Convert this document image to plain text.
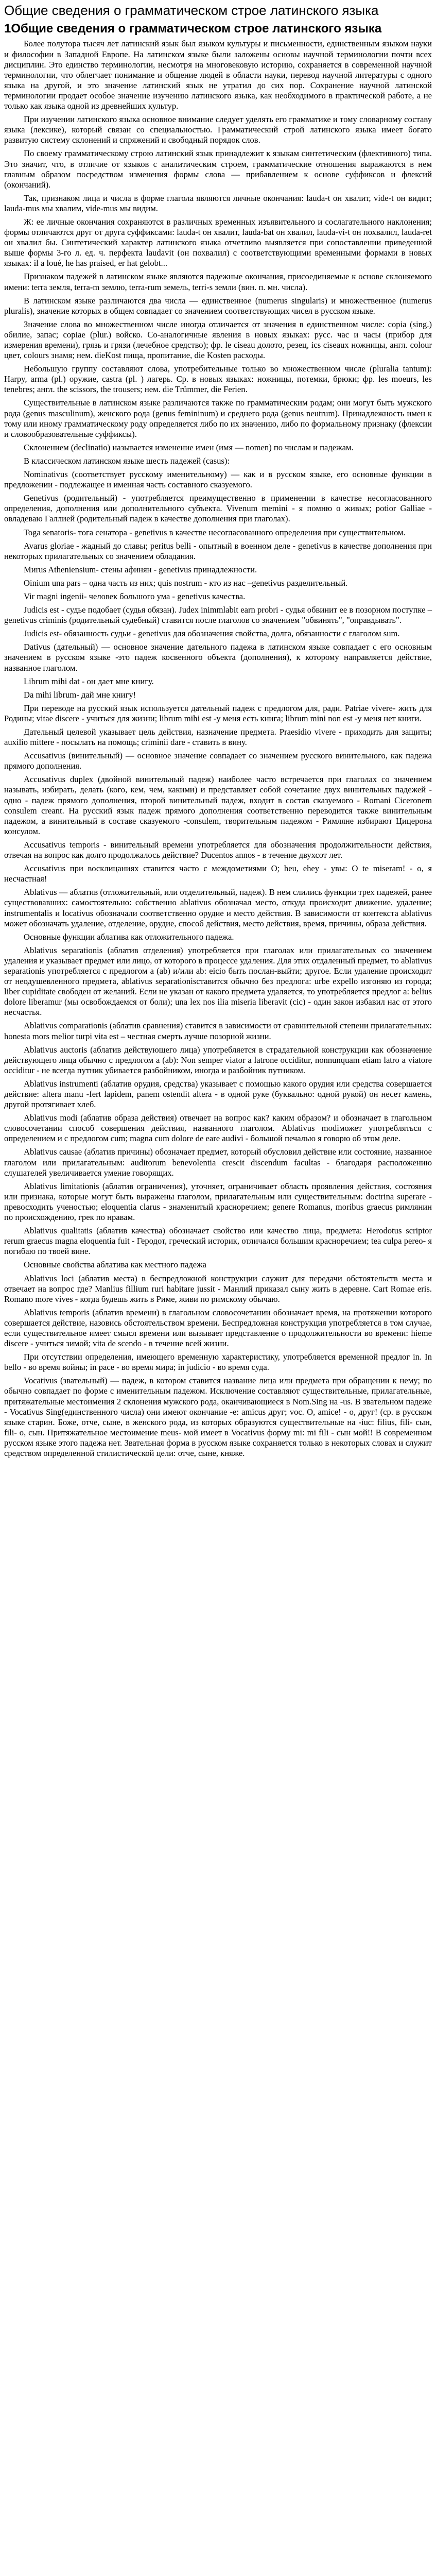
Общие сведения о грамматическом строе латинского языка
1Общие сведения о грамматическом строе латинского языка

Более полутора тысяч лет латинский язык был языком культуры и письменности, единственным языком науки и философии в Западной Европе. На латинском языке были заложены основы научной терминологии почти всех дисциплин. Это единство терминологии, несмотря на многовековую историю, сохраняется в современной научной терминологии, что облегчает понимание и общение людей в области науки, перевод научной литературы с одного языка на другой, и это значение латинский язык не утратил до сих пор. Сохранение научной латинской терминологии продает особое значение изучению латинского языка, как необходимого в практической работе, а не только как языка одной из древнейших культур.

При изучении латинского языка основное внимание следует уделять его грамматике и тому словарному составу языка (лексике), который связан со специальностью. Грамматический строй латинского языка имеет богато развитую систему склонений и спряжений и свободный порядок слов.

По своему грамматическому строю латинский язык принадлежит к языкам синтетическим (флективного) типа. Это значит, что, в отличие от языков с аналитическим строем, грамматические отношения выражаются в нем главным образом посредством изменения формы слова — прибавлением к основе суффиксов и флексий (окончаний).

Так, признаком лица и числа в форме глагола являются личные окончания: lauda-t он хвалит, vide-t он видит; lauda-mus мы хвалим, vide-mus мы видим.

Ж: ее личные окончания сохраняются в различных временных изъявительного и сослагательного наклонения; формы отличаются друг от друга суффиксами: lauda-t он хвалит, lauda-bat он хвалил, lauda-vi-t он похвалил, lauda-ret он хвалил бы. Синтетический характер латинского языка отчетливо выявляется при сопоставлении приведенной выше формы 3-го л. ед. ч. перфекта laudavit (он похвалил) с соответствующими временными формами в новых языках: il a loué, he has praised, er hat gelobt...

Признаком падежей в латинском языке являются падежные окончания, присоединяемые к основе склоняемого имени: terra земля, terra-m землю, terra-rum земель, terri-s земли (вин. п. мн. числа).

В латинском языке различаются два числа — единственное (numerus singularis) и множественное (numerus pluralis), значение которых в общем совпадает со значением соответствующих чисел в русском языке.

Значение слова во множественном числе иногда отличается от значения в единственном числе: copia (sing.) обилие, запас; copiae (plur.) войско. Со-аналогичные явления в новых языках: русс. час и часы (прибор для измерения времени), грязь и грязи (лечебное средство); фр. le ciseau долото, резец, ics ciseaux ножницы, англ. colour цвет, colours знамя; нем. dieKost пища, пропитание, die Kosten расходы.

Небольшую группу составляют слова, употребительные только во множественном числе (pluralia tantum): Harpy, arma (pl.) оружие, castra (pl. ) лагерь. Ср. в новых языках: ножницы, потемки, брюки; фр. les moeurs, les tenebres; англ. the scissors, the trousers; нем. die Trümmer, die Ferien.

Существительные в латинском языке различаются также по грамматическим родам; они могут быть мужского рода (genus masculinum), женского рода (genus femininum) и среднего рода (genus neutrum). Принадлежность имен к тому или иному грамматическому роду определяется либо по их значению, либо по формальному признаку (флексии и словообразовательные суффиксы).

Склонением (declinatio) называется изменение имен (имя — nomen) по числам и падежам.

В классическом латинском языке шесть падежей (casus):

Nominativus (соответствует русскому именительному) — как и в русском языке, его основные функции в предложении - подлежащее и именная часть составного сказуемого.

Genetivus (родительный) - употребляется преимущественно в применении в качестве несогласованного определения, дополнения или дополнительного субъекта. Vivenum memini - я помню о живых; potior Galliae - овладеваю Галлией (родительный падеж в качестве дополнения при глаголах).

Тоgа senatoris- тога сенатора - genetivus в качестве несогласованного определения при существительном.

Avarus gloriae - жадный до славы; peritus belli - опытный в военном деле - genetivus в качестве дополнения при некоторых прилагательных со значением обладания.

Mиrus Atheniensium- стены афинян - genetivus принадлежности.

Oinium una pars – одна часть из них; quis nostrum - кто из нас –genetivus разделительный.

Vir magni ingenii- человек большого ума - genetivus качества.

Judicis est - судье подобает (судья обязан). Judex inimmlabit earn probri - судья обвинит ее в позорном поступке – genetivus criminis (родительный судебный) ставится после глаголов со значением "обвинять", "оправдывать".

Judicis est- обязанность судьи - genetivus для обозначения свойства, долга, обязанности с глаголом sum.

Dativus (дательный) — основное значение дательного падежа в латинском языке совпадает с его основным значением в русском языке -это падеж косвенного объекта (дополнения), к которому направляется действие, названное глаголом.

Librum mihi dat - он дает мне книгу.

Da mihi librum- дай мне книгу!

При переводе на русский язык используется дательный падеж с предлогом для, ради. Patriae vivere- жить для Родины; vitae discere - учиться для жизни; librum mihi est -у меня есть книга; librum mini non est -у меня нет книги.

Дательный целевой указывает цель действия, назначение предмета. Praesidio vivere - приходить для защиты; auxilio mittere - посылать на помощь; criminii dare - ставить в вину.

Accusativus (винительный) — основное значение совпадает со значением русского винительного, как падежа прямого дополнения.

Accusativus duplex (двойной винительный падеж) наиболее часто встречается при глаголах со значением называть, избирать, делать (кого, кем, чем, какими) и представляет собой сочетание двух винительных падежей - одно - падеж прямого дополнения, второй винительный падеж, входит в состав сказуемого - Romani Ciceronem consulem creant. На русский язык падеж прямого дополнения соответственно переводится также винительным падежом, а винительный в составе сказуемого -consulem, творительным падежом - Римляне избирают Цицерона консулом.

Accusativus temporis - винительный времени употребляется для обозначения продолжительности действия, отвечая на вопрос как долго продолжалось действие? Ducentos annos - в течение двухсот лет.

Accusativus при восклицаниях ставится часто с междометиями O; heu, ehey - увы: O te miseram! - о, я несчастная!

Ablativus — аблатив (отложительный, или отделительный, падеж). В нем слились функции трех падежей, ранее существовавших: самостоятельно: собственно ablativus обозначал место, откуда происходит движение, удаление; instrumentalis и locativus обозначали соответственно орудие и место действия. В зависимости от контекста ablativus может обозначать удаление, отделение, орудие, способ действия, место действия, время, причины, образа действия.

Основные функции аблатива как отложительного падежа.

Ablativus separationis (аблатив отделения) употребляется при глаголах или прилагательных со значением удаления и указывает предмет или лицо, от которого в процессе удаления. Для этих отдаленный предмет, то ablativus separationis употребляется с предлогом a (ab) и/или ab: eiсio быть послан-выйти; другое. Если удаление происходит от неодушевленного предмета, ablativus separationisставится обычно без предлога: urbe expello изгоняю из города; liber cupiditate свободен от желаний. Если не указан от какого предмета удаляется, то употребляется предлог a: belius dolore liberamur (мы освобождаемся от боли); una lex nos ilia miseria liberavit (cic) - один закон избавил нас от этого несчастья.

Ablativus comparationis (аблатив сравнения) ставится в зависимости от сравнительной степени прилагательных: honesta mors melior turpi vita est – честная смерть лучше позорной жизни.

Ablativus auctoris (аблатив действующего лица) употребляется в страдательной конструкции как обозначение действующего лица обычно с предлогом a (ab): Non semper viator a latrone occiditur, nonnunquam etiam latro a viatore occiditur - не всегда путник убивается разбойником, иногда и разбойник путником.

Ablativus instrumenti (аблатив орудия, средства) указывает с помощью какого орудия или средства совершается действие: altera manu -fert lapidem, panem ostendit altera - в одной руке (буквально: одной рукой) он несет камень, другой протягивает хлеб.

Ablativus modi (аблатив образа действия) отвечает на вопрос как? каким образом? и обозначает в глагольном словосочетании способ совершения действия, названного глаголом. Ablativus modiможет употребляться с определением и с предлогом cum; magna cum dolore de eare audivi - большой печалью я говорю об этом деле.

Ablativus causae (аблатив причины) обозначает предмет, который обусловил действие или состояние, названное глаголом или прилагательным: auditorum benevolentia crescit discendum facultas - благодаря расположению слушателей увеличивается умение говорящих.

Ablativus limitationis (аблатив ограничения), уточняет, ограничивает область проявления действия, состояния или признака, которые могут быть выражены глаголом, прилагательным или существительным: doctrina superare - превосходить ученостью; eloquentia clarus - знаменитый красноречием; genere Romanus, moribus graecus римлянин по происхождению, грек по нравам.

Ablativus qualitatis (аблатив качества) обозначает свойство или качество лица, предмета: Herodotus scriptor rerum graecus magna eloquentia fuit - Геродот, греческий историк, отличался большим красноречием; tea culpa pereo- я погибаю по твоей вине.

Основные свойства аблатива как местного падежа

Ablativus loci (аблатив места) в беспредложной конструкции служит для передачи обстоятельств места и отвечает на вопрос где? Manlius fillium ruri habitare jussit - Манлий приказал сыну жить в деревне. Cart Romae eris. Romano more vives - когда будешь жить в Риме, живи по римскому обычаю.

Ablativus temporis (аблатив времени) в глагольном словосочетании обозначает время, на протяжении которого совершается действие, назовись обстоятельством времени. Беспредложная конструкция употребляется в том случае, если существительное имеет смысл времени или вызывает представление о продолжительности во времени: hieme discere - учиться зимой; vita de scendo - в течение всей жизни.

При отсутствии определения, имеющего временную характеристику, употребляется временной предлог in. In bello - во время войны; in pace - во время мира; in judicio - во время суда.

Vocativus (звательный) — падеж, в котором ставится название лица или предмета при обращении к нему; по обычно совпадает по форме с именительным падежом. Исключение составляют существительные, прилагательные, притяжательные местоимения 2 склонения мужского рода, оканчивающиеся в Nom.Sing на -us. В звательном падеже - Vocativus Sing(единственного числа) они имеют окончание -е: amicus друг; voc. О, amicе! - о, друг! (ср. в русском языке старин. Боже, отче, сыне, в женского рода, из которых образуются существительные на -iuс: filius, fili- сын, fili- о, сын. Притяжательное местоимение meus- мой имеет в Vocativus форму mi: mi fili - сын мой!! В современном русском языке этого падежа нет. Звательная форма в русском языке сохраняется только в некоторых словах и служит средством определенной стилистической цели: отче, сыне, княже.
